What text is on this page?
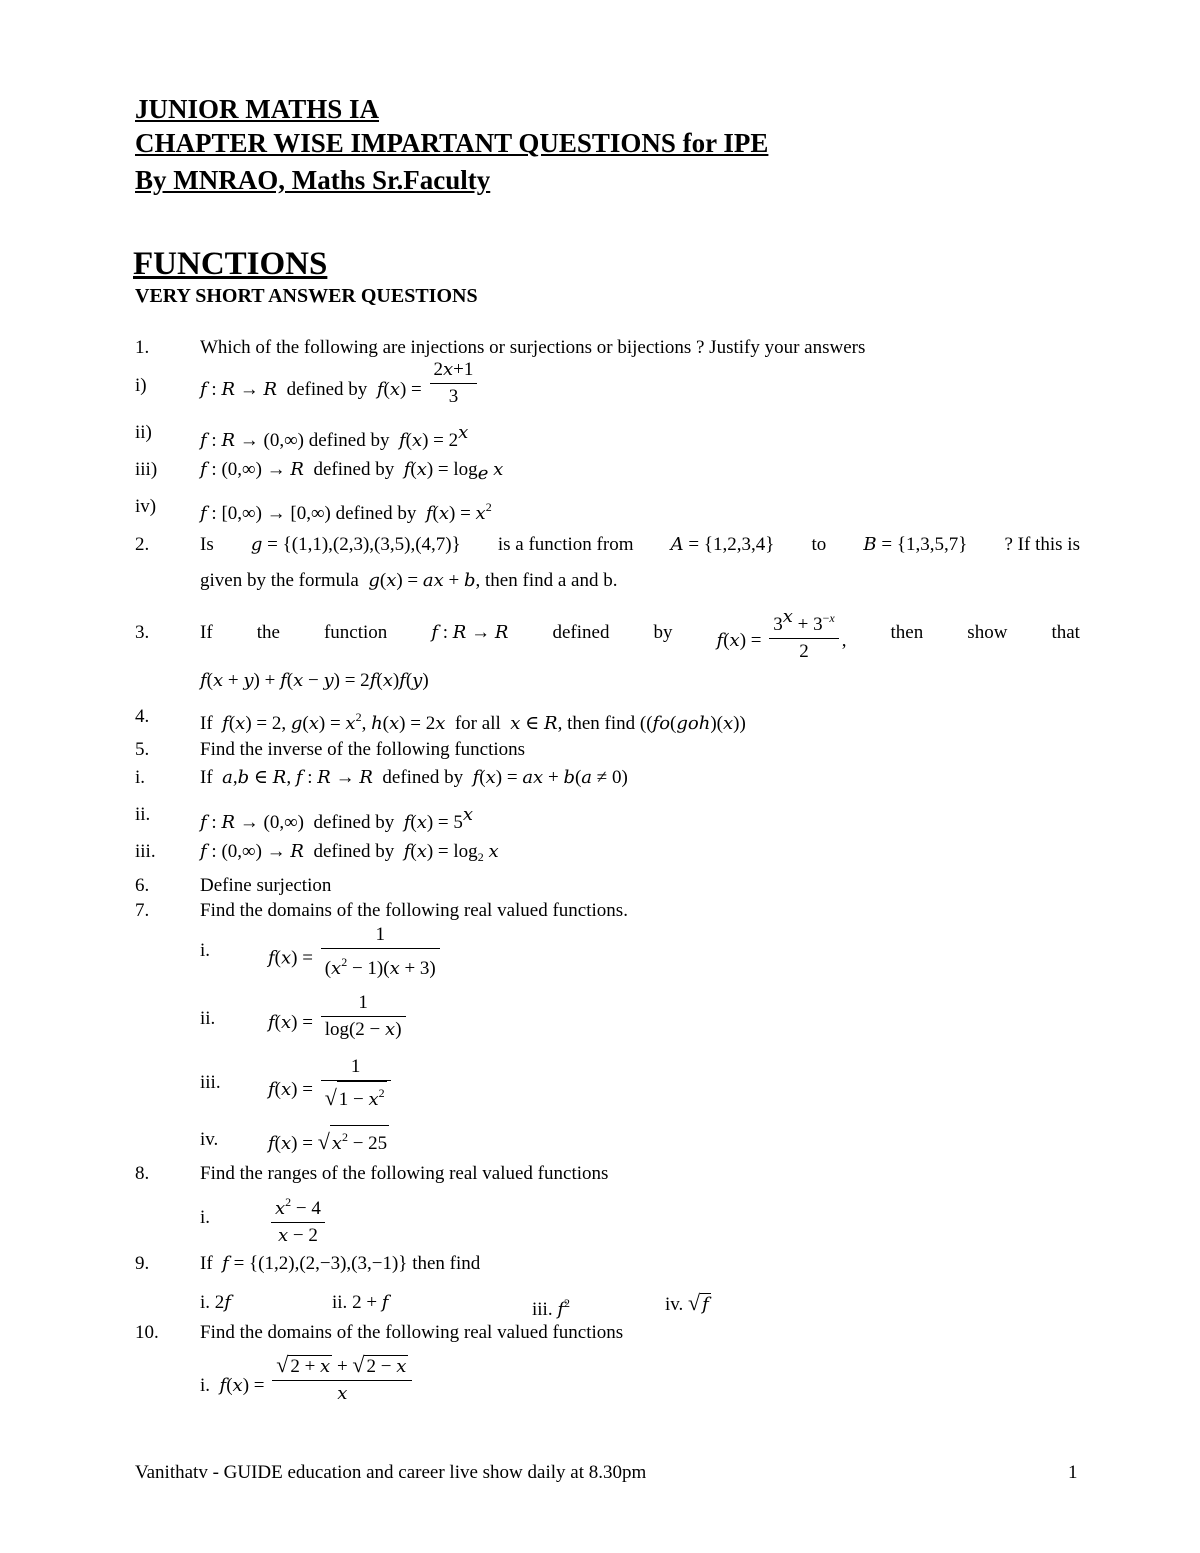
JUNIOR MATHS IA
CHAPTER WISE IMPARTANT QUESTIONS for IPE
By MNRAO, Maths Sr.Faculty
FUNCTIONS
VERY SHORT ANSWER QUESTIONS
1.	Which of the following are injections or surjections or bijections ? Justify your answers
i)	f : R → R defined by $f(x) = \frac{2x+1}{3}$
ii)	f : R → (0,∞) defined by $f(x) = 2^x$
iii) f : (0,∞) → R defined by $f(x) = \log_e x$
iv) f : [0,∞) → [0,∞) defined by $f(x) = x^2$
2.	Is g = {(1,1),(2,3),(3,5),(4,7)} is a function from A = {1,2,3,4} to B = {1,3,5,7} ? If this is
given by the formula g(x) = ax + b, then find a and b.
3.	If the function f : R → R defined by $f(x) = \frac{3^x + 3^{-x}}{2}$ , then show that
f(x + y) + f(x − y) = 2f(x)f(y)
4.	If f(x) = 2, $g(x) = x^2$, h(x) = 2x for all x ∈ R, then find ((fo(goh)(x))
5.	Find the inverse of the following functions
i.	If a,b ∈ R, f : R → R defined by f(x) = ax + b(a ≠ 0)
ii.	f : R → (0,∞)  defined by $f(x) = 5^x$
iii. f : (0,∞) → R defined by $f(x) = \log_2 x$
6.	Define surjection
7.	Find the domains of the following real valued functions.
i.	$f(x) = \frac{1}{(x^2 - 1)(x + 3)}$
ii.	$f(x) = \frac{1}{\log(2 - x)}$
iii.	$f(x) = \frac{1}{√ 1 - x^2}$
iv.	f(x) = √ $x^2 - 25$
8.	Find the ranges of the following real valued functions
i.	$\frac{x^2 - 4}{x - 2}$
9.	If f = {(1,2),(2,−3),(3,−1)} then find
i. 2f	ii. 2 + f	iii. $f^2$	iv. √ f
10. Find the domains of the following real valued functions
i. $f(x) = \frac{√ 2 + x + √ 2 - x}{x}$
Vanithatv - GUIDE education and career live show daily at 8.30pm	1
